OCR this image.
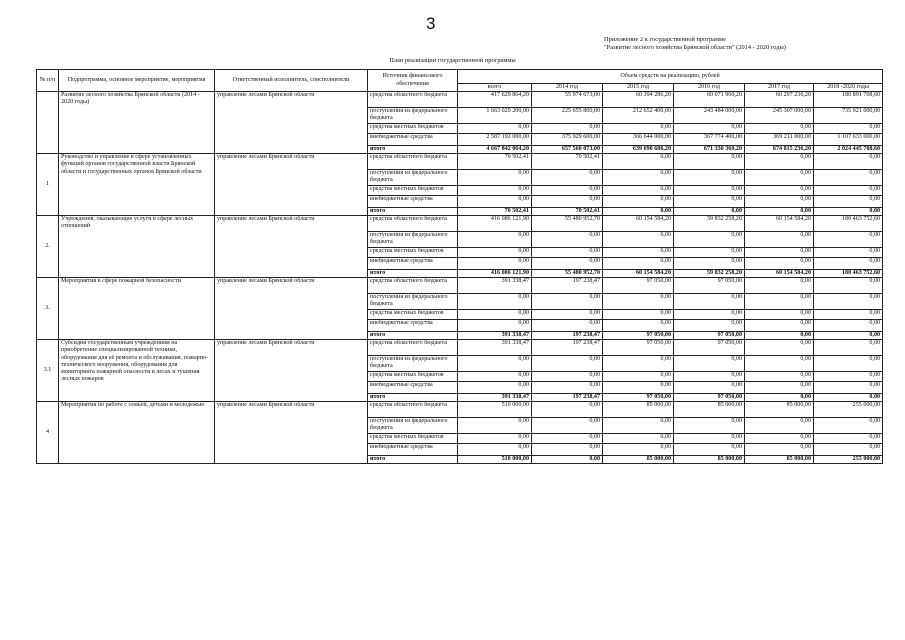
3
Приложение 2 к государственной программе
"Развитие лесного хозяйства Брянской области" (2014 - 2020 годы)
План реализации государственной программы
№ п/п	Подпрограмма, основное мероприятие, мероприятия	Ответственный исполнитель, соисполнители	Источник финансового обеспечения	Объем средств на реализацию, рублей					
				всего	2014 год	2015 год	2016 год	2017 год	2018 -2020 годы
	Развитие лесного хозяйства Брянской области (2014 - 2020 годы)	управление лесами Брянской области	средства областного бюджета	417 629 864,20	55 974 673,00	60 394 286,20	60 071 960,20	60 297 236,20	180 891 708,60
			поступления из федерального бюджета	1 663 020 200,00	225 655 800,00	212 652 400,00	243 484 000,00	245 307 000,00	735 921 000,00
			средства местных бюджетов	0,00	0,00	0,00	0,00	0,00	0,00
			внебюджетные средства	2 587 192 000,00	375 929 600,00	366 644 000,00	367 774 400,00	369 211 000,00	1 107 633 000,00
			итого	4 667 842 064,20	657 560 073,00	639 690 686,20	671 330 360,20	674 815 236,20	2 024 445 708,60
1	Руководство и управление в сфере установленных функций органов государственной власти Брянской области и государственных органов Брянской области	управление лесами Брянской области	средства областного бюджета	70 502,41	70 502,41	0,00	0,00	0,00	0,00
			поступления из федерального бюджета	0,00	0,00	0,00	0,00	0,00	0,00
			средства местных бюджетов	0,00	0,00	0,00	0,00	0,00	0,00
			внебюджетные средства	0,00	0,00	0,00	0,00	0,00	0,00
			итого	70 502,41	70 502,41	0,00	0,00	0,00	0,00
2.	Учреждения, оказывающие услуги в сфере лесных отношений	управление лесами Брянской области	средства областного бюджета	416 086 121,90	55 480 952,70	60 154 584,20	59 832 258,20	60 154 584,20	180 463 752,60
			поступления из федерального бюджета	0,00	0,00	0,00	0,00	0,00	0,00
			средства местных бюджетов	0,00	0,00	0,00	0,00	0,00	0,00
			внебюджетные средства	0,00	0,00	0,00	0,00	0,00	0,00
			итого	416 086 121,90	55 480 952,70	60 154 584,20	59 832 258,20	60 154 584,20	180 463 752,60
3.	Мероприятия в сфере пожарной безопасности	управление лесами Брянской области	средства областного бюджета	391 338,47	197 238,47	97 050,00	97 050,00	0,00	0,00
			поступления из федерального бюджета	0,00	0,00	0,00	0,00	0,00	0,00
			средства местных бюджетов	0,00	0,00	0,00	0,00	0,00	0,00
			внебюджетные средства	0,00	0,00	0,00	0,00	0,00	0,00
			итого	391 338,47	197 238,47	97 050,00	97 050,00	0,00	0,00
3.1	Субсидии государственным учреждениям на приобретение специализированной техники, оборудования для её ремонта и обслуживания, пожарно-технического вооружения, оборудования для мониторинга пожарной опасности в лесах и тушения лесных пожаров	управление лесами Брянской области	средства областного бюджета	391 338,47	197 238,47	97 050,00	97 050,00	0,00	0,00
			поступления из федерального бюджета	0,00	0,00	0,00	0,00	0,00	0,00
			средства местных бюджетов	0,00	0,00	0,00	0,00	0,00	0,00
			внебюджетные средства	0,00	0,00	0,00	0,00	0,00	0,00
			итого	391 338,47	197 238,47	97 050,00	97 050,00	0,00	0,00
4	Мероприятия по работе с семьей, детьми и молодежью	управление лесами Брянской области	средства областного бюджета	510 000,00	0,00	85 000,00	85 000,00	85 000,00	255 000,00
			поступления из федерального бюджета	0,00	0,00	0,00	0,00	0,00	0,00
			средства местных бюджетов	0,00	0,00	0,00	0,00	0,00	0,00
			внебюджетные средства	0,00	0,00	0,00	0,00	0,00	0,00
			итого	510 000,00	0,00	85 000,00	85 000,00	85 000,00	255 000,00
